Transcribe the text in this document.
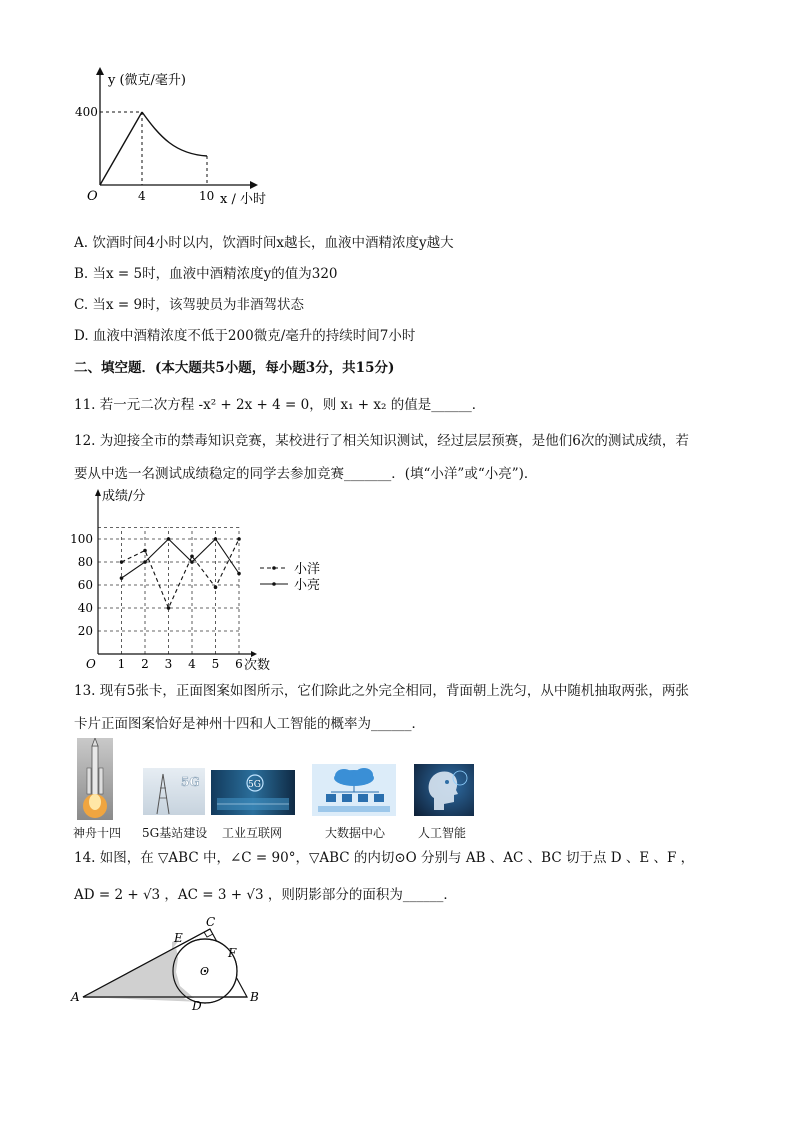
y (微克/毫升)
400
O	4	10 x / 小时
A. 饮酒时间4小时以内，饮酒时间x越长，血液中酒精浓度y越大
B. 当x = 5时，血液中酒精浓度y的值为320
C. 当x = 9时，该驾驶员为非酒驾状态
D. 血液中酒精浓度不低于200微克/毫升的持续时间7小时
二、填空题．(本大题共5小题，每小题3分，共15分)
11. 若一元二次方程 -x² + 2x + 4 = 0，则 x₁ + x₂ 的值是______．
12. 为迎接全市的禁毒知识竞赛，某校进行了相关知识测试，经过层层预赛，是他们6次的测试成绩，若
要从中选一名测试成绩稳定的同学去参加竞赛_______．(填“小洋”或“小亮”)．
20
40
60
80
100
1 2 3 4 5 6
O
成绩/分
次数
小洋
小亮
13. 现有5张卡，正面图案如图所示，它们除此之外完全相同，背面朝上洗匀，从中随机抽取两张，两张
卡片正面图案恰好是神州十四和人工智能的概率为______．
神舟十四
5G
5G基站建设
5G
工业互联网	大数据中心	人工智能
14. 如图，在 ▽ABC 中，∠C = 90°，▽ABC 的内切⊙O 分别与 AB 、AC 、BC 切于点 D 、E 、F ，
AD = 2 + √3 ，AC = 3 + √3 ，则阴影部分的面积为______．
C
E
F
O
A	B
D
